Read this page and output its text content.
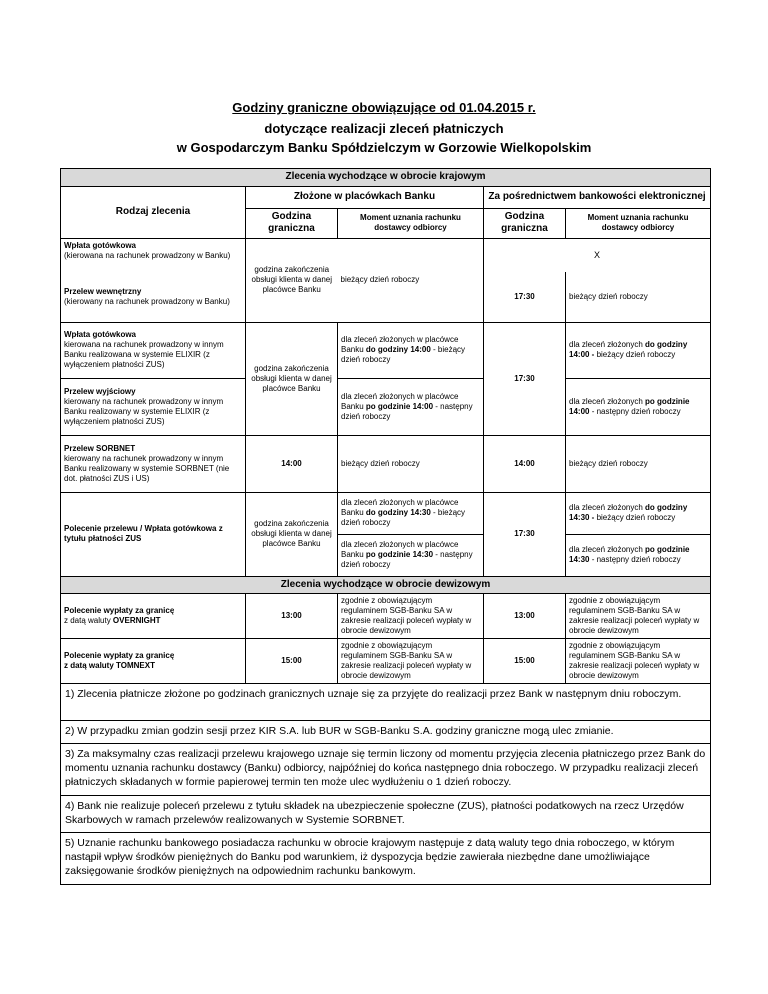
Godziny graniczne obowiązujące od 01.04.2015 r.
dotyczące realizacji zleceń płatniczych
w Gospodarczym Banku Spółdzielczym w Gorzowie Wielkopolskim
Zlecenia wychodzące w obrocie krajowym				
Rodzaj zlecenia	Złożone w placówkach Banku		Za pośrednictwem bankowości elektronicznej	
	Godzina graniczna	Moment uznania rachunku dostawcy odbiorcy	Godzina graniczna	Moment uznania rachunku dostawcy odbiorcy

Wpłata gotówkowa
(kierowana na rachunek prowadzony w Banku)	godzina zakończenia obsługi klienta w danej placówce Banku	bieżący dzień roboczy	X	

Przelew wewnętrzny
(kierowany na rachunek prowadzony w Banku)			17:30	bieżący dzień roboczy

Wpłata gotówkowa
kierowana na rachunek prowadzony w innym Banku realizowana w systemie ELIXIR (z wyłączeniem płatności ZUS)	godzina zakończenia obsługi klienta w danej placówce Banku	dla zleceń złożonych w placówce Banku do godziny 14:00 - bieżący dzień roboczy	17:30	dla zleceń złożonych do godziny 14:00 - bieżący dzień roboczy

Przelew wyjściowy
kierowany na rachunek prowadzony w innym Banku realizowany w systemie ELIXIR (z wyłączeniem płatności ZUS)		dla zleceń złożonych w placówce Banku po godzinie 14:00 - następny dzień roboczy		dla zleceń złożonych po godzinie 14:00 - następny dzień roboczy

Przelew SORBNET
kierowany na rachunek prowadzony w innym Banku realizowany w systemie SORBNET (nie dot. płatności ZUS i US)	14:00	bieżący dzień roboczy	14:00	bieżący dzień roboczy
Polecenie przelewu / Wpłata gotówkowa z tytułu płatności ZUS	godzina zakończenia obsługi klienta w danej placówce Banku	dla zleceń złożonych w placówce Banku do godziny 14:30 - bieżący dzień roboczy	17:30	dla zleceń złożonych do godziny 14:30 - bieżący dzień roboczy
		dla zleceń złożonych w placówce Banku po godzinie 14:30 - następny dzień roboczy		dla zleceń złożonych po godzinie 14:30 - następny dzień roboczy
Zlecenia wychodzące w obrocie dewizowym				

Polecenie wypłaty za granicę
z datą waluty OVERNIGHT	13:00	zgodnie z obowiązującym regulaminem SGB-Banku SA w zakresie realizacji poleceń wypłaty w obrocie dewizowym	13:00	zgodnie z obowiązującym regulaminem SGB-Banku SA w zakresie realizacji poleceń wypłaty w obrocie dewizowym

Polecenie wypłaty za granicę
z datą waluty TOMNEXT	15:00	zgodnie z obowiązującym regulaminem SGB-Banku SA w zakresie realizacji poleceń wypłaty w obrocie dewizowym	15:00	zgodnie z obowiązującym regulaminem SGB-Banku SA w zakresie realizacji poleceń wypłaty w obrocie dewizowym
1) Zlecenia płatnicze złożone po godzinach granicznych uznaje się za przyjęte do realizacji przez Bank w następnym dniu roboczym.				
2) W przypadku zmian godzin sesji przez KIR S.A. lub BUR w SGB-Banku S.A. godziny graniczne mogą ulec zmianie.				
3) Za maksymalny czas realizacji przelewu krajowego uznaje się termin liczony od momentu przyjęcia zlecenia płatniczego przez Bank do momentu uznania rachunku dostawcy (Banku) odbiorcy, najpóźniej do końca następnego dnia roboczego. W przypadku realizacji zleceń płatniczych składanych w formie papierowej termin ten może ulec wydłużeniu o 1 dzień roboczy.				
4) Bank nie realizuje poleceń przelewu z tytułu składek na ubezpieczenie społeczne (ZUS), płatności podatkowych na rzecz Urzędów Skarbowych w ramach przelewów realizowanych w Systemie SORBNET.				
5) Uznanie rachunku bankowego posiadacza rachunku w obrocie krajowym następuje z datą waluty tego dnia roboczego, w którym nastąpił wpływ środków pieniężnych do Banku pod warunkiem, iż dyspozycja będzie zawierała niezbędne dane umożliwiające zaksięgowanie środków pieniężnych na odpowiednim rachunku bankowym.				
